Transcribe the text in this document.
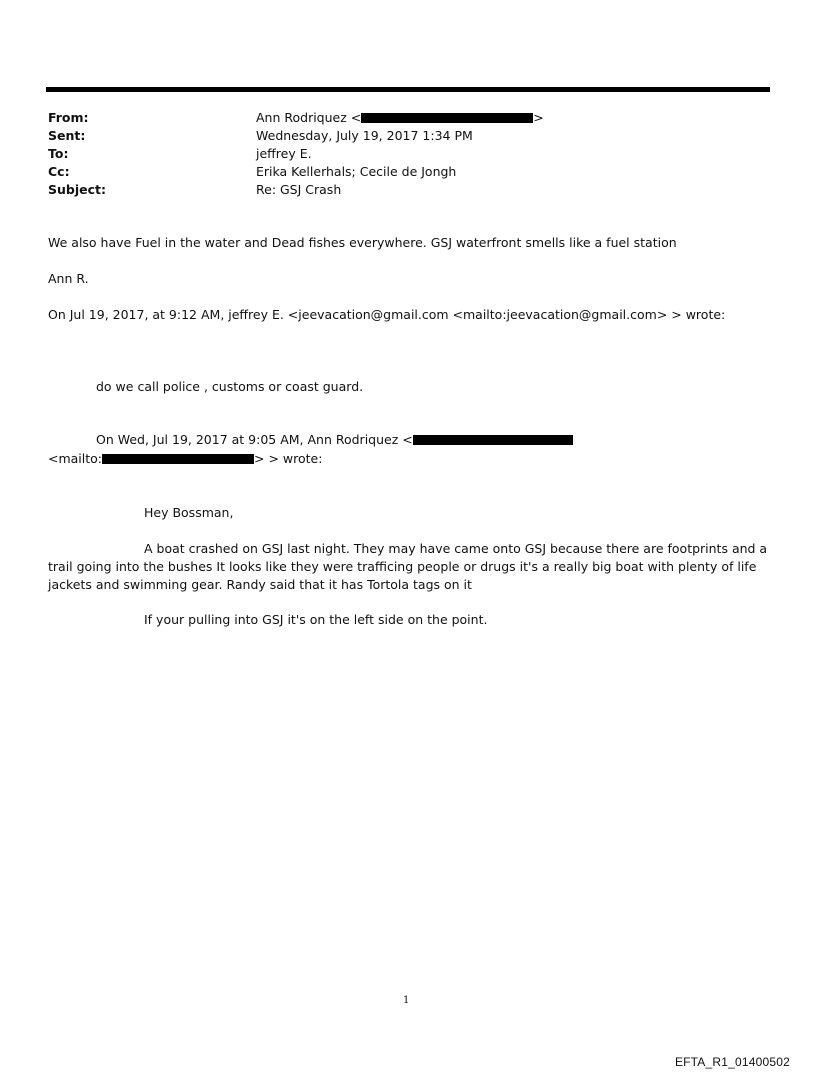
From:	Ann Rodriquez <	>
Sent:	Wednesday, July 19, 2017 1:34 PM
To:	jeffrey E.
Cc:	Erika Kellerhals; Cecile de Jongh
Subject:	Re: GSJ Crash
We also have Fuel in the water and Dead fishes everywhere. GSJ waterfront smells like a fuel station
Ann R.
On Jul 19, 2017, at 9:12 AM, jeffrey E. <jeevacation@gmail.com <mailto:jeevacation@gmail.com> > wrote:
do we call police , customs or coast guard.
On Wed, Jul 19, 2017 at 9:05 AM, Ann Rodriquez <
<mailto:	> > wrote:
Hey Bossman,
A boat crashed on GSJ last night. They may have came onto GSJ because there are footprints and a trail going into the bushes It looks like they were trafficing people or drugs it's a really big boat with plenty of life jackets and swimming gear. Randy said that it has Tortola tags on it
If your pulling into GSJ it's on the left side on the point.
1
EFTA_R1_01400502
